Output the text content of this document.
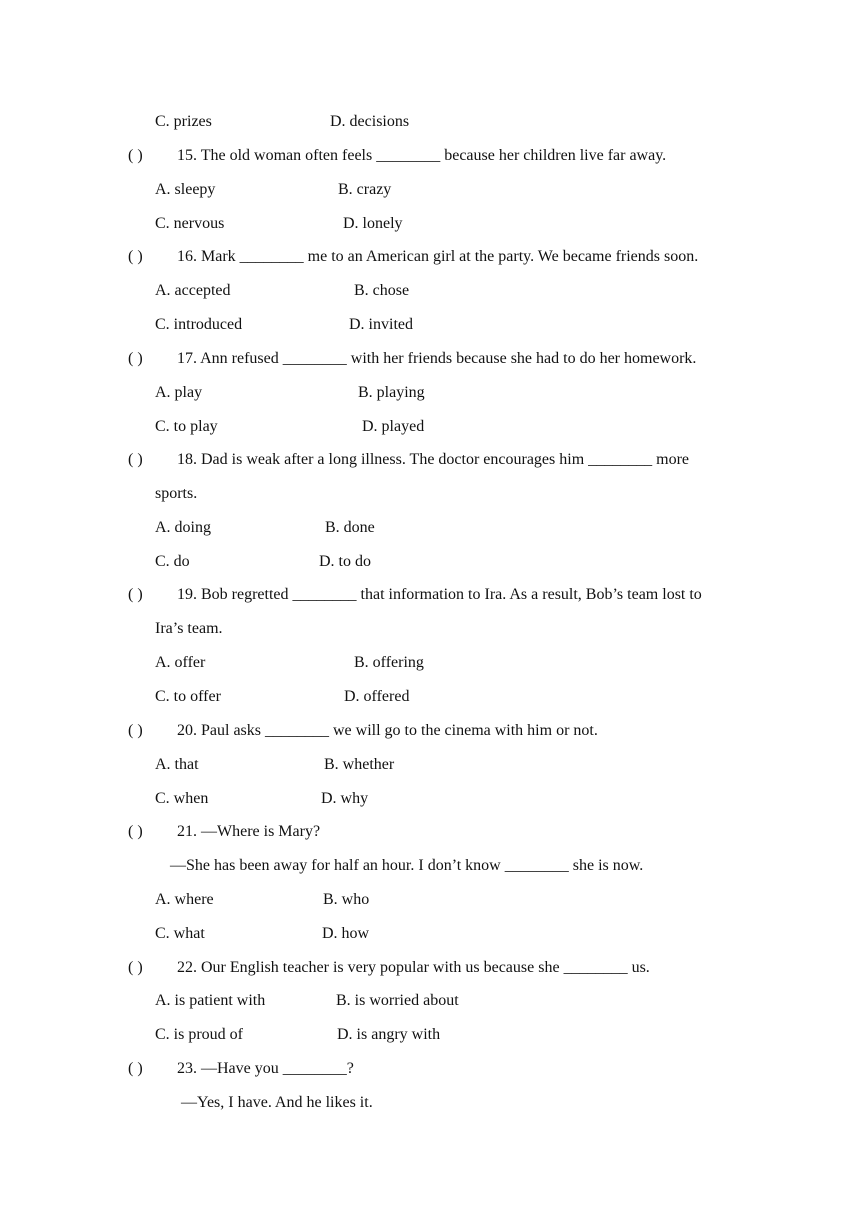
C. prizes	D. decisions
( ) 15. The old woman often feels ________ because her children live far away.
A. sleepy	B. crazy
C. nervous	D. lonely
( ) 16. Mark ________ me to an American girl at the party. We became friends soon.
A. accepted	B. chose
C. introduced	D. invited
( ) 17. Ann refused ________ with her friends because she had to do her homework.
A. play	B. playing
C. to play	D. played
( ) 18. Dad is weak after a long illness. The doctor encourages him ________ more
sports.
A. doing	B. done
C. do	D. to do
( ) 19. Bob regretted ________ that information to Ira. As a result, Bob’s team lost to
Ira’s team.
A. offer	B. offering
C. to offer	D. offered
( ) 20. Paul asks ________ we will go to the cinema with him or not.
A. that	B. whether
C. when	D. why
( ) 21. —Where is Mary?
—She has been away for half an hour. I don’t know ________ she is now.
A. where	B. who
C. what	D. how
( ) 22. Our English teacher is very popular with us because she ________ us.
A. is patient with	B. is worried about
C. is proud of	D. is angry with
( ) 23. —Have you ________?
—Yes, I have. And he likes it.
